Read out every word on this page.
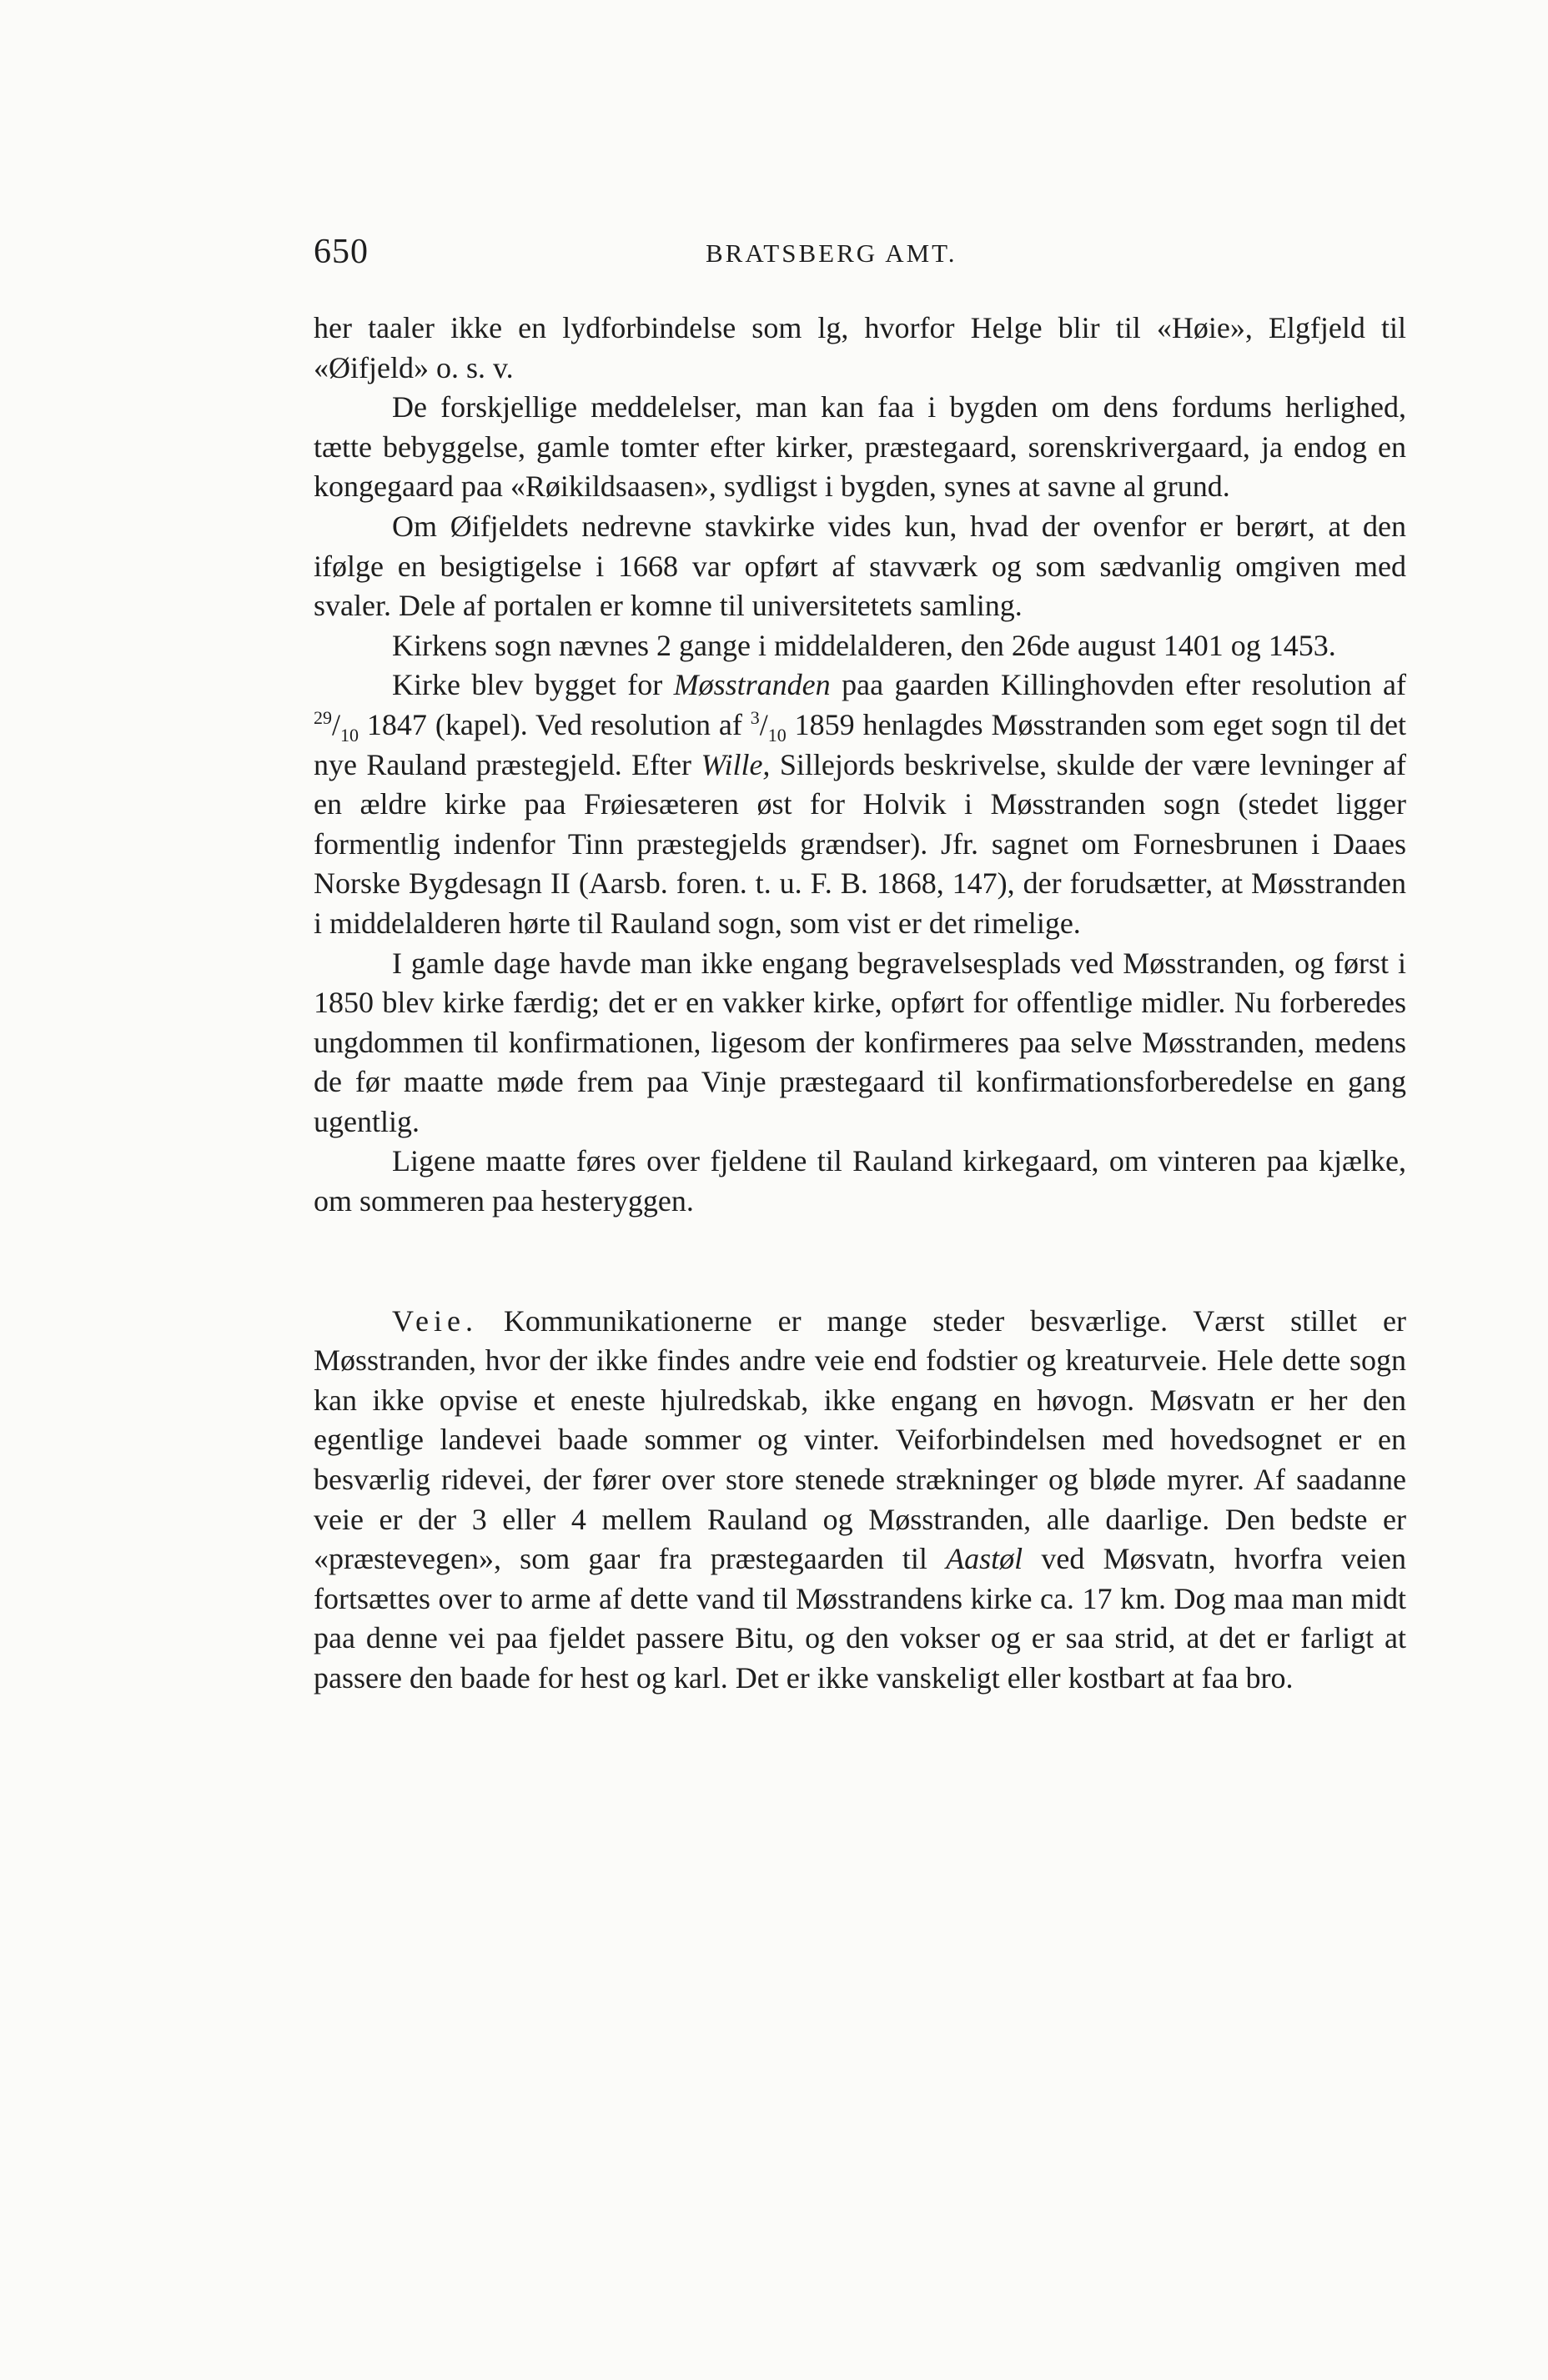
650	BRATSBERG AMT.

her taaler ikke en lydforbindelse som lg, hvorfor Helge blir til «Høie», Elgfjeld til «Øifjeld» o. s. v.

De forskjellige meddelelser, man kan faa i bygden om dens fordums herlighed, tætte bebyggelse, gamle tomter efter kirker, præstegaard, sorenskrivergaard, ja endog en kongegaard paa «Røikildsaasen», sydligst i bygden, synes at savne al grund.

Om Øifjeldets nedrevne stavkirke vides kun, hvad der ovenfor er berørt, at den ifølge en besigtigelse i 1668 var opført af stavværk og som sædvanlig omgiven med svaler. Dele af portalen er komne til universitetets samling.

Kirkens sogn nævnes 2 gange i middelalderen, den 26de august 1401 og 1453.

Kirke blev bygget for Møsstranden paa gaarden Killinghovden efter resolution af $^{29}/_{10}$ 1847 (kapel). Ved resolution af $^3/_{10}$ 1859 henlagdes Møsstranden som eget sogn til det nye Rauland præstegjeld. Efter Wille, Sillejords beskrivelse, skulde der være levninger af en ældre kirke paa Frøiesæteren øst for Holvik i Møsstranden sogn (stedet ligger formentlig indenfor Tinn præstegjelds grændser). Jfr. sagnet om Fornesbrunen i Daaes Norske Bygdesagn II (Aarsb. foren. t. u. F. B. 1868, 147), der forudsætter, at Møsstranden i middelalderen hørte til Rauland sogn, som vist er det rimelige.

I gamle dage havde man ikke engang begravelsesplads ved Møsstranden, og først i 1850 blev kirke færdig; det er en vakker kirke, opført for offentlige midler. Nu forberedes ungdommen til konfirmationen, ligesom der konfirmeres paa selve Møsstranden, medens de før maatte møde frem paa Vinje præstegaard til konfirmationsforberedelse en gang ugentlig.

Ligene maatte føres over fjeldene til Rauland kirkegaard, om vinteren paa kjælke, om sommeren paa hesteryggen.

Veie. Kommunikationerne er mange steder besværlige. Værst stillet er Møsstranden, hvor der ikke findes andre veie end fodstier og kreaturveie. Hele dette sogn kan ikke opvise et eneste hjulredskab, ikke engang en høvogn. Møsvatn er her den egentlige landevei baade sommer og vinter. Veiforbindelsen med hovedsognet er en besværlig ridevei, der fører over store stenede strækninger og bløde myrer. Af saadanne veie er der 3 eller 4 mellem Rauland og Møsstranden, alle daarlige. Den bedste er «præstevegen», som gaar fra præstegaarden til Aastøl ved Møsvatn, hvorfra veien fortsættes over to arme af dette vand til Møsstrandens kirke ca. 17 km. Dog maa man midt paa denne vei paa fjeldet passere Bitu, og den vokser og er saa strid, at det er farligt at passere den baade for hest og karl. Det er ikke vanskeligt eller kostbart at faa bro.
